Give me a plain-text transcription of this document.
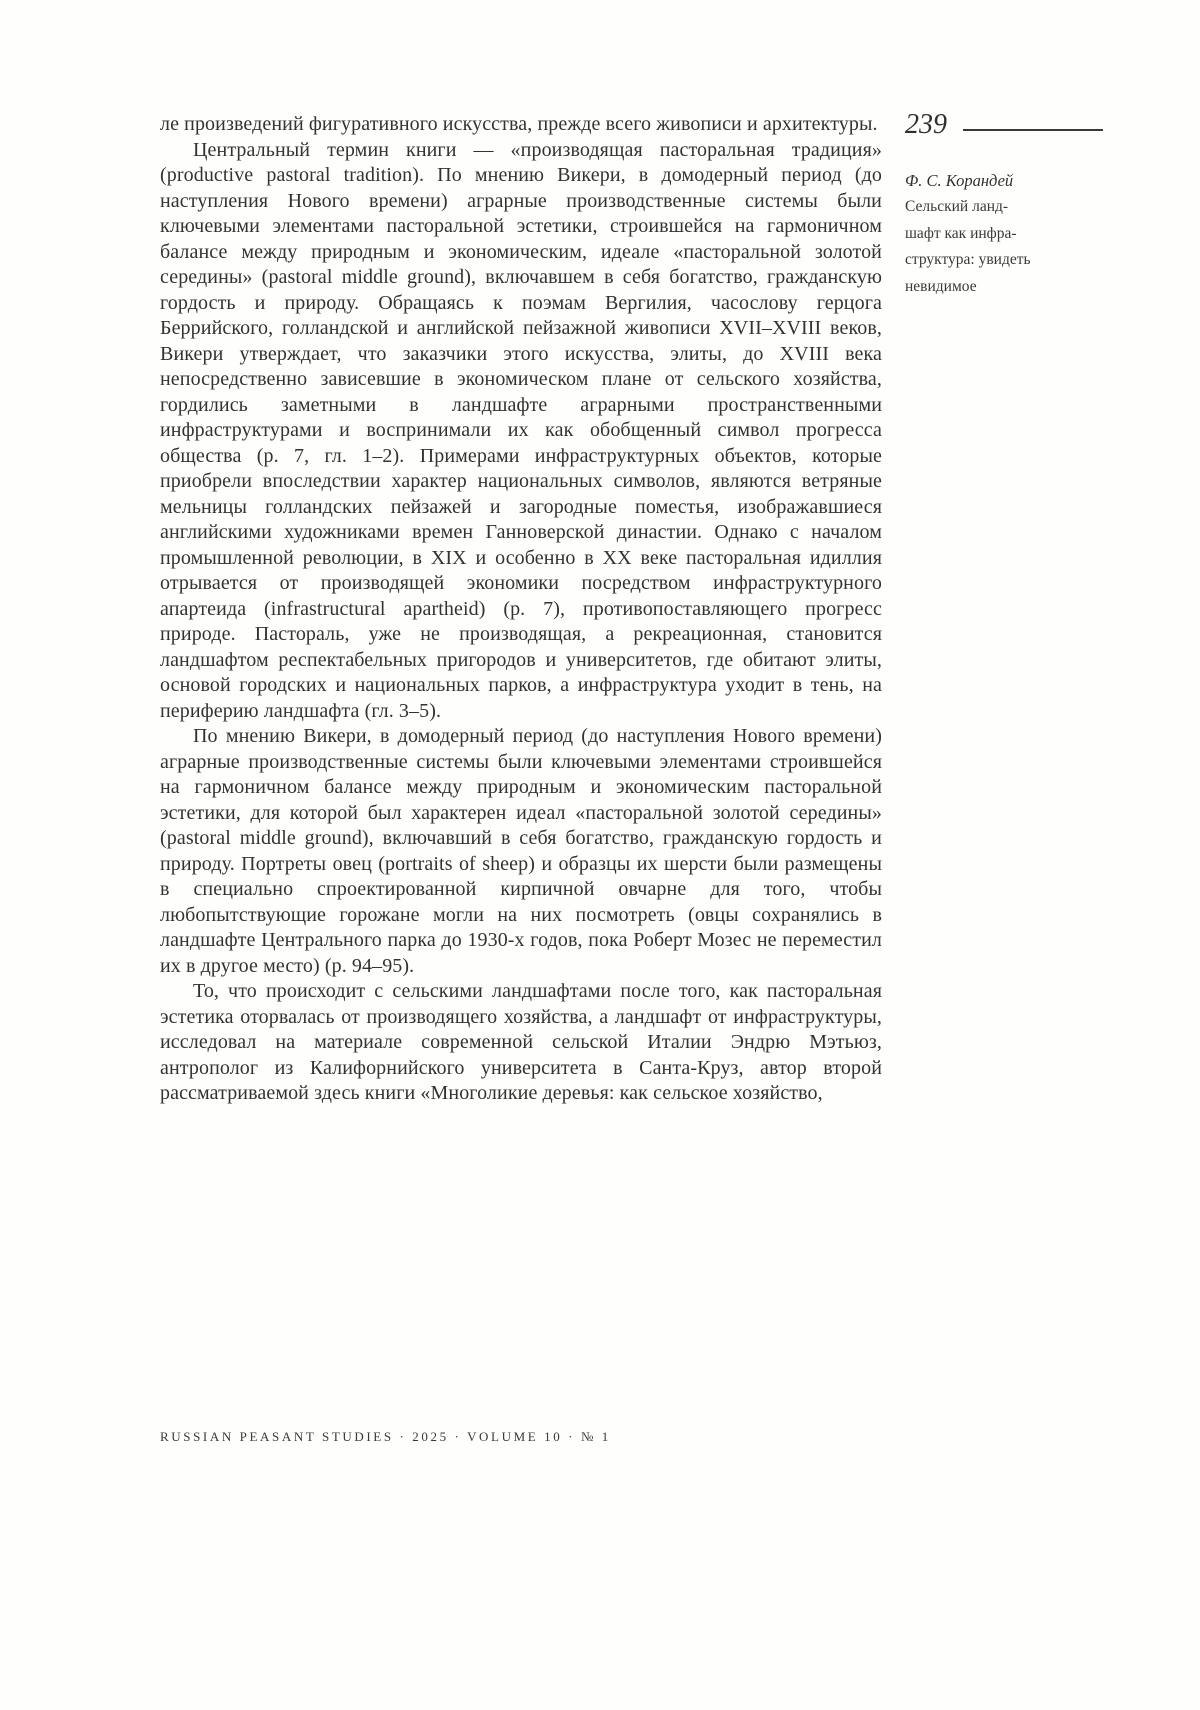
ле произведений фигуративного искусства, прежде всего живописи и архитектуры.

Центральный термин книги — «производящая пасторальная традиция» (productive pastoral tradition). По мнению Викери, в домодерный период (до наступления Нового времени) аграрные производственные системы были ключевыми элементами пасторальной эстетики, строившейся на гармоничном балансе между природным и экономическим, идеале «пасторальной золотой середины» (pastoral middle ground), включавшем в себя богатство, гражданскую гордость и природу. Обращаясь к поэмам Вергилия, часослову герцога Беррийского, голландской и английской пейзажной живописи XVII–XVIII веков, Викери утверждает, что заказчики этого искусства, элиты, до XVIII века непосредственно зависевшие в экономическом плане от сельского хозяйства, гордились заметными в ландшафте аграрными пространственными инфраструктурами и воспринимали их как обобщенный символ прогресса общества (p. 7, гл. 1–2). Примерами инфраструктурных объектов, которые приобрели впоследствии характер национальных символов, являются ветряные мельницы голландских пейзажей и загородные поместья, изображавшиеся английскими художниками времен Ганноверской династии. Однако с началом промышленной революции, в XIX и особенно в XX веке пасторальная идиллия отрывается от производящей экономики посредством инфраструктурного апартеида (infrastructural apartheid) (p. 7), противопоставляющего прогресс природе. Пастораль, уже не производящая, а рекреационная, становится ландшафтом респектабельных пригородов и университетов, где обитают элиты, основой городских и национальных парков, а инфраструктура уходит в тень, на периферию ландшафта (гл. 3–5).

По мнению Викери, в домодерный период (до наступления Нового времени) аграрные производственные системы были ключевыми элементами строившейся на гармоничном балансе между природным и экономическим пасторальной эстетики, для которой был характерен идеал «пасторальной золотой середины» (pastoral middle ground), включавший в себя богатство, гражданскую гордость и природу. Портреты овец (portraits of sheep) и образцы их шерсти были размещены в специально спроектированной кирпичной овчарне для того, чтобы любопытствующие горожане могли на них посмотреть (овцы сохранялись в ландшафте Центрального парка до 1930-х годов, пока Роберт Мозес не переместил их в другое место) (p. 94–95).

То, что происходит с сельскими ландшафтами после того, как пасторальная эстетика оторвалась от производящего хозяйства, а ландшафт от инфраструктуры, исследовал на материале современной сельской Италии Эндрю Мэтьюз, антрополог из Калифорнийского университета в Санта-Круз, автор второй рассматриваемой здесь книги «Многоликие деревья: как сельское хозяйство,

239
Ф. С. Корандей
Сельский ланд-
шафт как инфра-
структура: увидеть
невидимое
RUSSIAN PEASANT STUDIES · 2025 · VOLUME 10 · № 1
